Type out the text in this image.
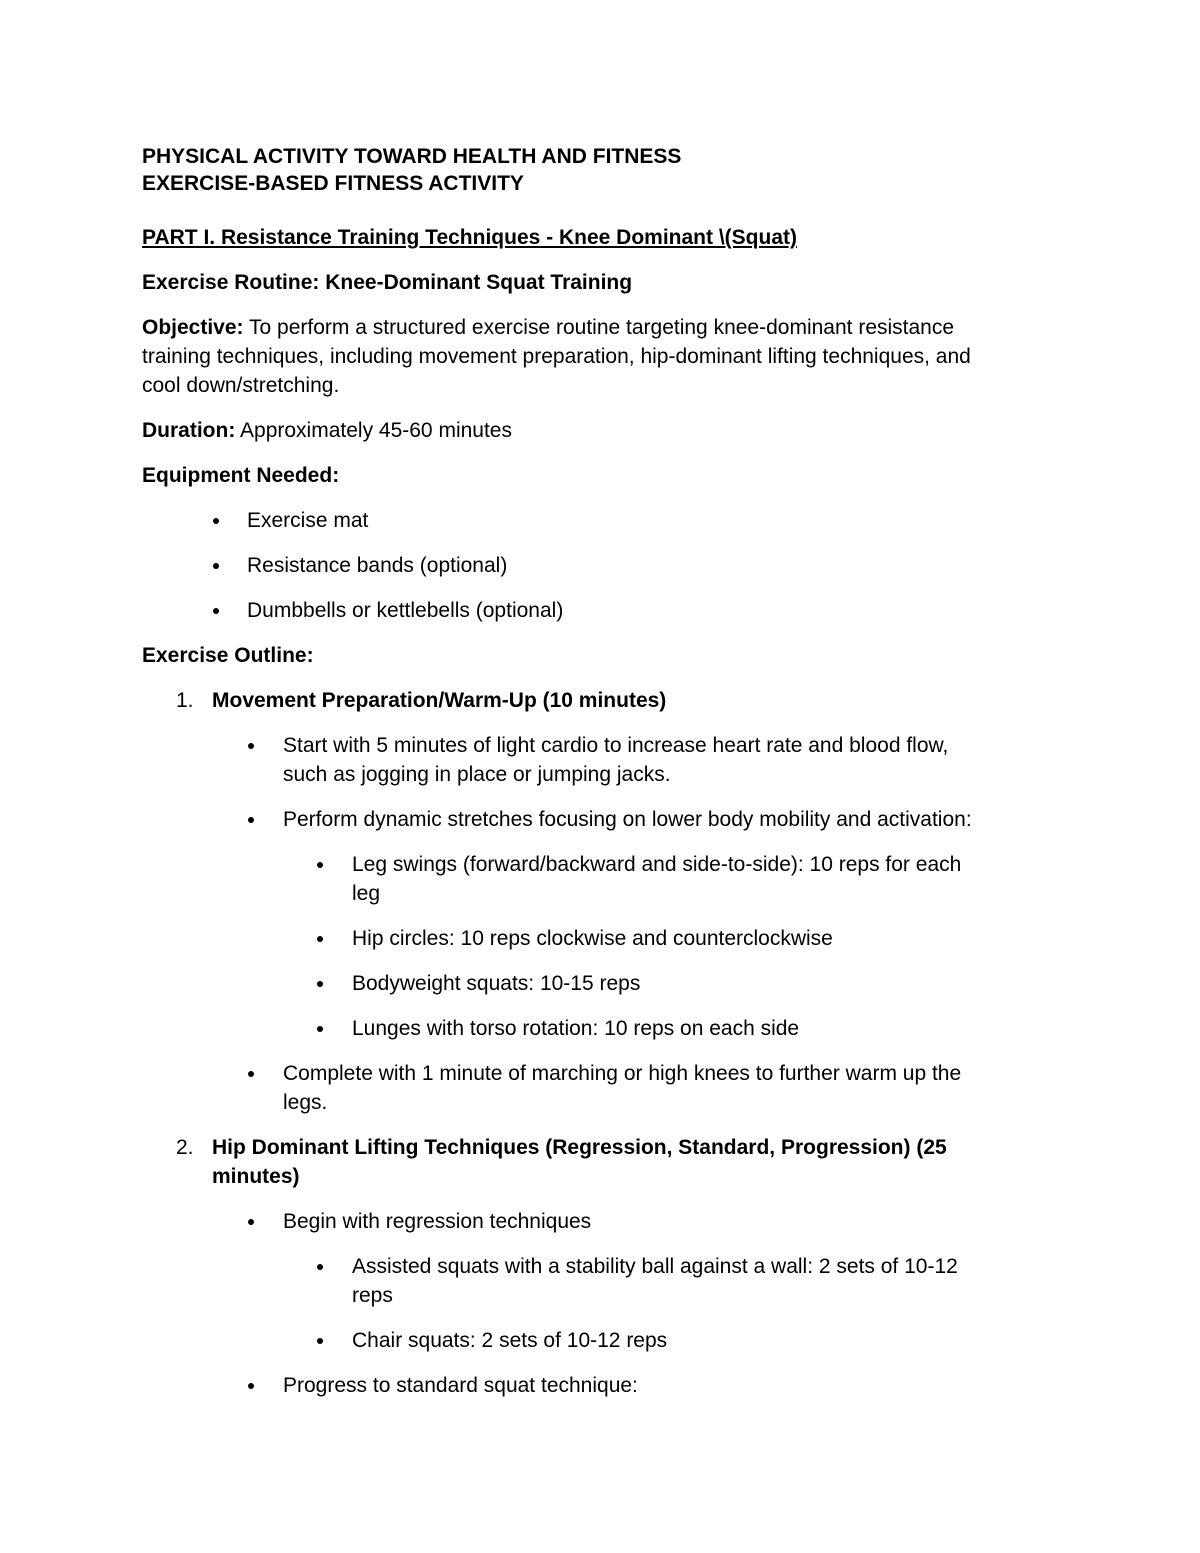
PHYSICAL ACTIVITY TOWARD HEALTH AND FITNESS
EXERCISE-BASED FITNESS ACTIVITY
PART I. Resistance Training Techniques - Knee Dominant \(Squat)
Exercise Routine: Knee-Dominant Squat Training
Objective: To perform a structured exercise routine targeting knee-dominant resistance
training techniques, including movement preparation, hip-dominant lifting techniques, and
cool down/stretching.
Duration: Approximately 45-60 minutes
Equipment Needed:
Exercise mat
Resistance bands (optional)
Dumbbells or kettlebells (optional)
Exercise Outline:
1. Movement Preparation/Warm-Up (10 minutes)
Start with 5 minutes of light cardio to increase heart rate and blood flow,
such as jogging in place or jumping jacks.
Perform dynamic stretches focusing on lower body mobility and activation:
Leg swings (forward/backward and side-to-side): 10 reps for each
leg
Hip circles: 10 reps clockwise and counterclockwise
Bodyweight squats: 10-15 reps
Lunges with torso rotation: 10 reps on each side
Complete with 1 minute of marching or high knees to further warm up the
legs.
2. Hip Dominant Lifting Techniques (Regression, Standard, Progression) (25
minutes)
Begin with regression techniques
Assisted squats with a stability ball against a wall: 2 sets of 10-12
reps
Chair squats: 2 sets of 10-12 reps
Progress to standard squat technique:
